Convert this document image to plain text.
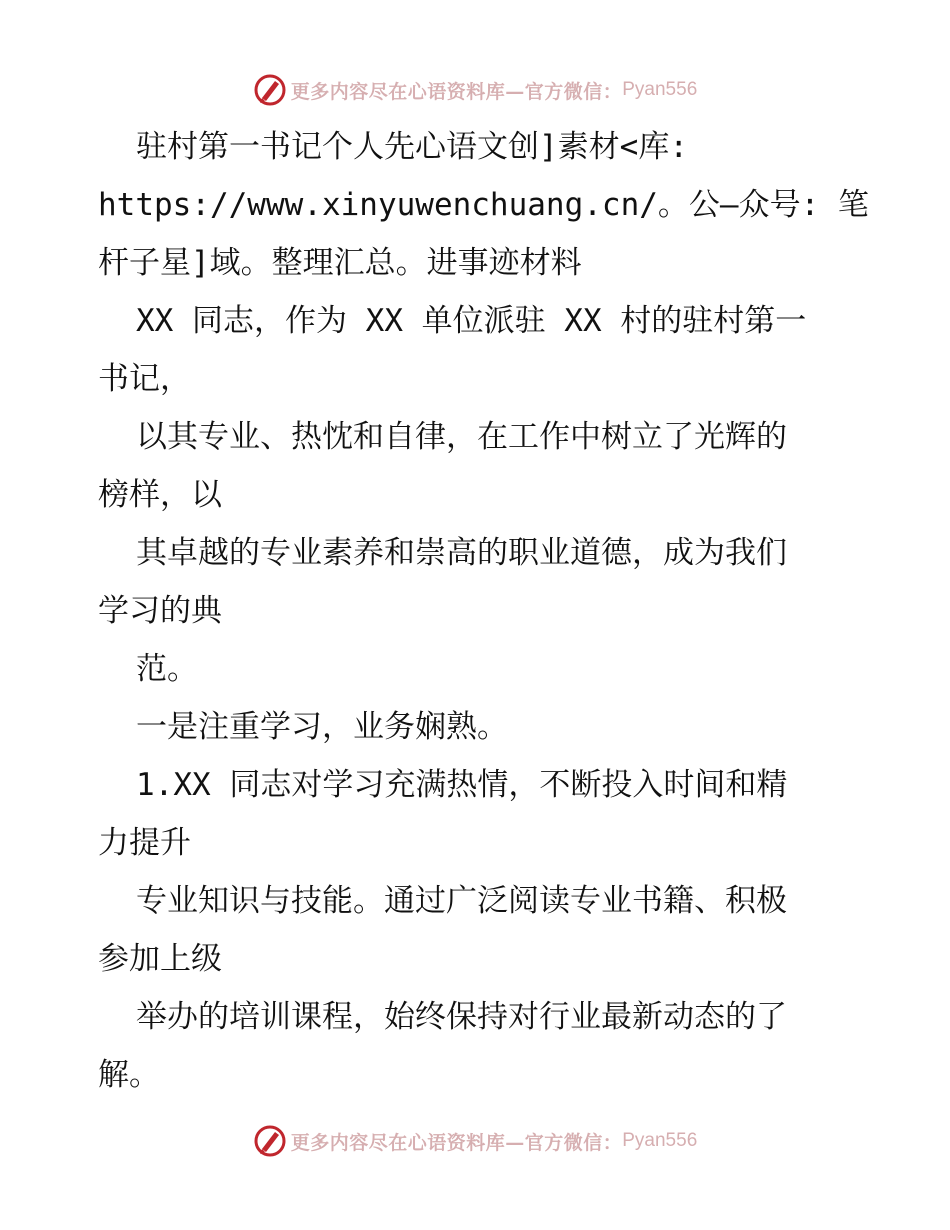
更多内容尽在心语资料库—官方微信： Pyan556
驻村第一书记个人先心语文创]素材<库:
https://www.xinyuwenchuang.cn/。公—众号: 笔
杆子星]域。整理汇总。进事迹材料
XX 同志，作为 XX 单位派驻 XX 村的驻村第一
书记，
以其专业、热忱和自律，在工作中树立了光辉的
榜样，以
其卓越的专业素养和崇高的职业道德，成为我们
学习的典
范。
一是注重学习，业务娴熟。
1.XX 同志对学习充满热情，不断投入时间和精
力提升
专业知识与技能。通过广泛阅读专业书籍、积极
参加上级
举办的培训课程，始终保持对行业最新动态的了
解。
更多内容尽在心语资料库—官方微信： Pyan556
